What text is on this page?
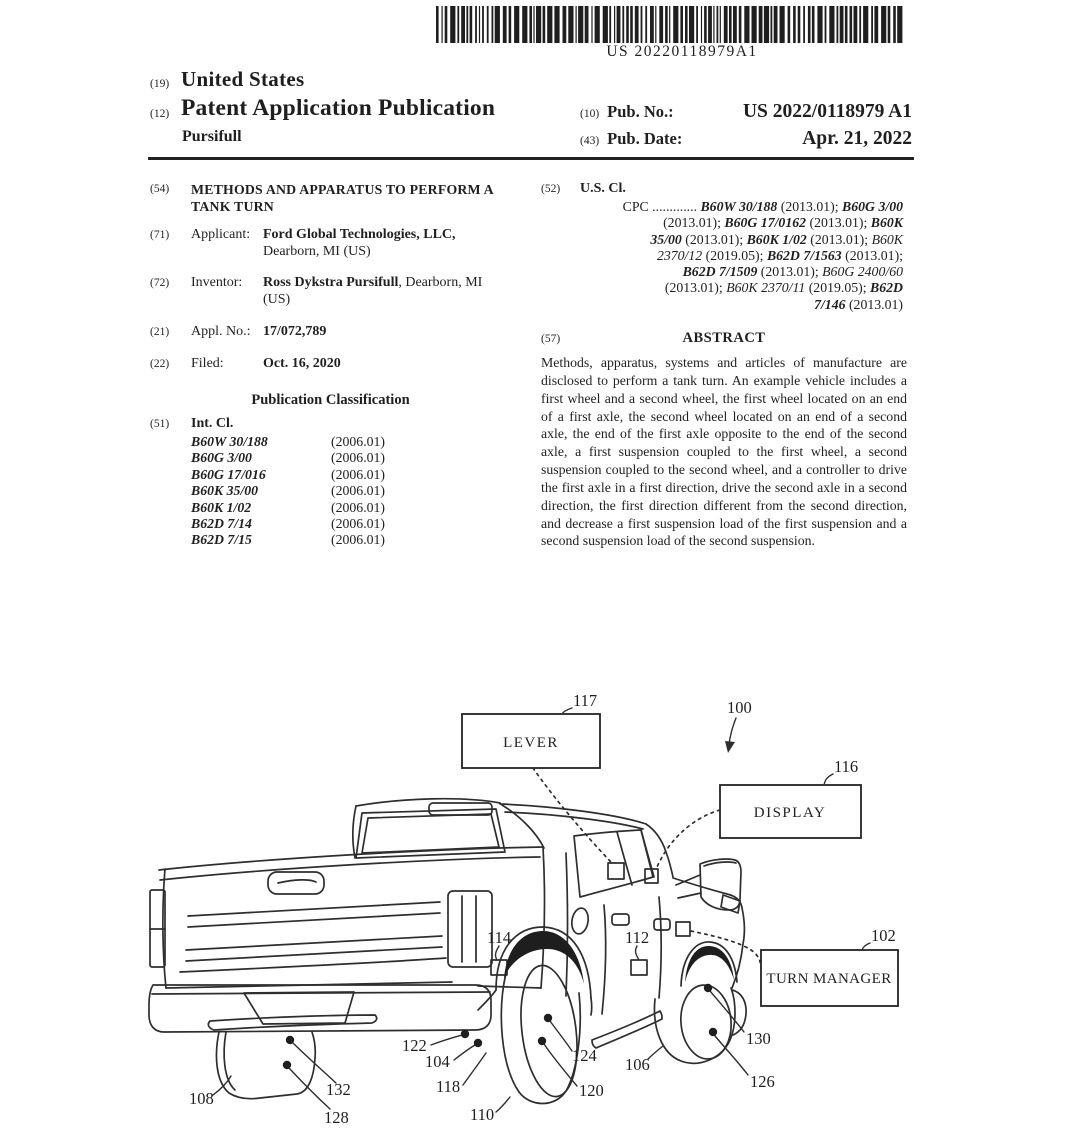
US 20220118979A1
(19) United States
(12) Patent Application Publication
Pursifull
(10) Pub. No.:	US 2022/0118979 A1
(43) Pub. Date:	Apr. 21, 2022
(54)	METHODS AND APPARATUS TO PERFORM A TANK TURN
(71)	Applicant: Ford Global Technologies, LLC,
Dearborn, MI (US)
(72)	Inventor:	Ross Dykstra Pursifull, Dearborn, MI (US)
(21)	Appl. No.: 17/072,789
(22)	Filed:	Oct. 16, 2020
Publication Classification
(51)	Int. Cl.
B60W 30/188	(2006.01)
B60G 3/00	(2006.01)
B60G 17/016	(2006.01)
B60K 35/00	(2006.01)
B60K 1/02	(2006.01)
B62D 7/14	(2006.01)
B62D 7/15	(2006.01)
(52)	U.S. Cl.
CPC ............. B60W 30/188 (2013.01); B60G 3/00
(2013.01); B60G 17/0162 (2013.01); B60K
35/00 (2013.01); B60K 1/02 (2013.01); B60K
2370/12 (2019.05); B62D 7/1563 (2013.01);
B62D 7/1509 (2013.01); B60G 2400/60
(2013.01); B60K 2370/11 (2019.05); B62D
7/146 (2013.01)
(57)	ABSTRACT
Methods, apparatus, systems and articles of manufacture are disclosed to perform a tank turn. An example vehicle includes a first wheel and a second wheel, the first wheel located on an end of a first axle, the second wheel located on an end of a second axle, the end of the first axle opposite to the end of the second axle, a first suspension coupled to the first wheel, a second suspension coupled to the second wheel, and a controller to drive the first axle in a first direction, drive the second axle in a second direction, the first direction different from the second direction, and decrease a first suspension load of the first suspension and a second suspension load of the second suspension.
LEVER
DISPLAY
TURN MANAGER
117	100
116
102
114	112
108	132
128
122
104
118
110
124
120
106
130
126
